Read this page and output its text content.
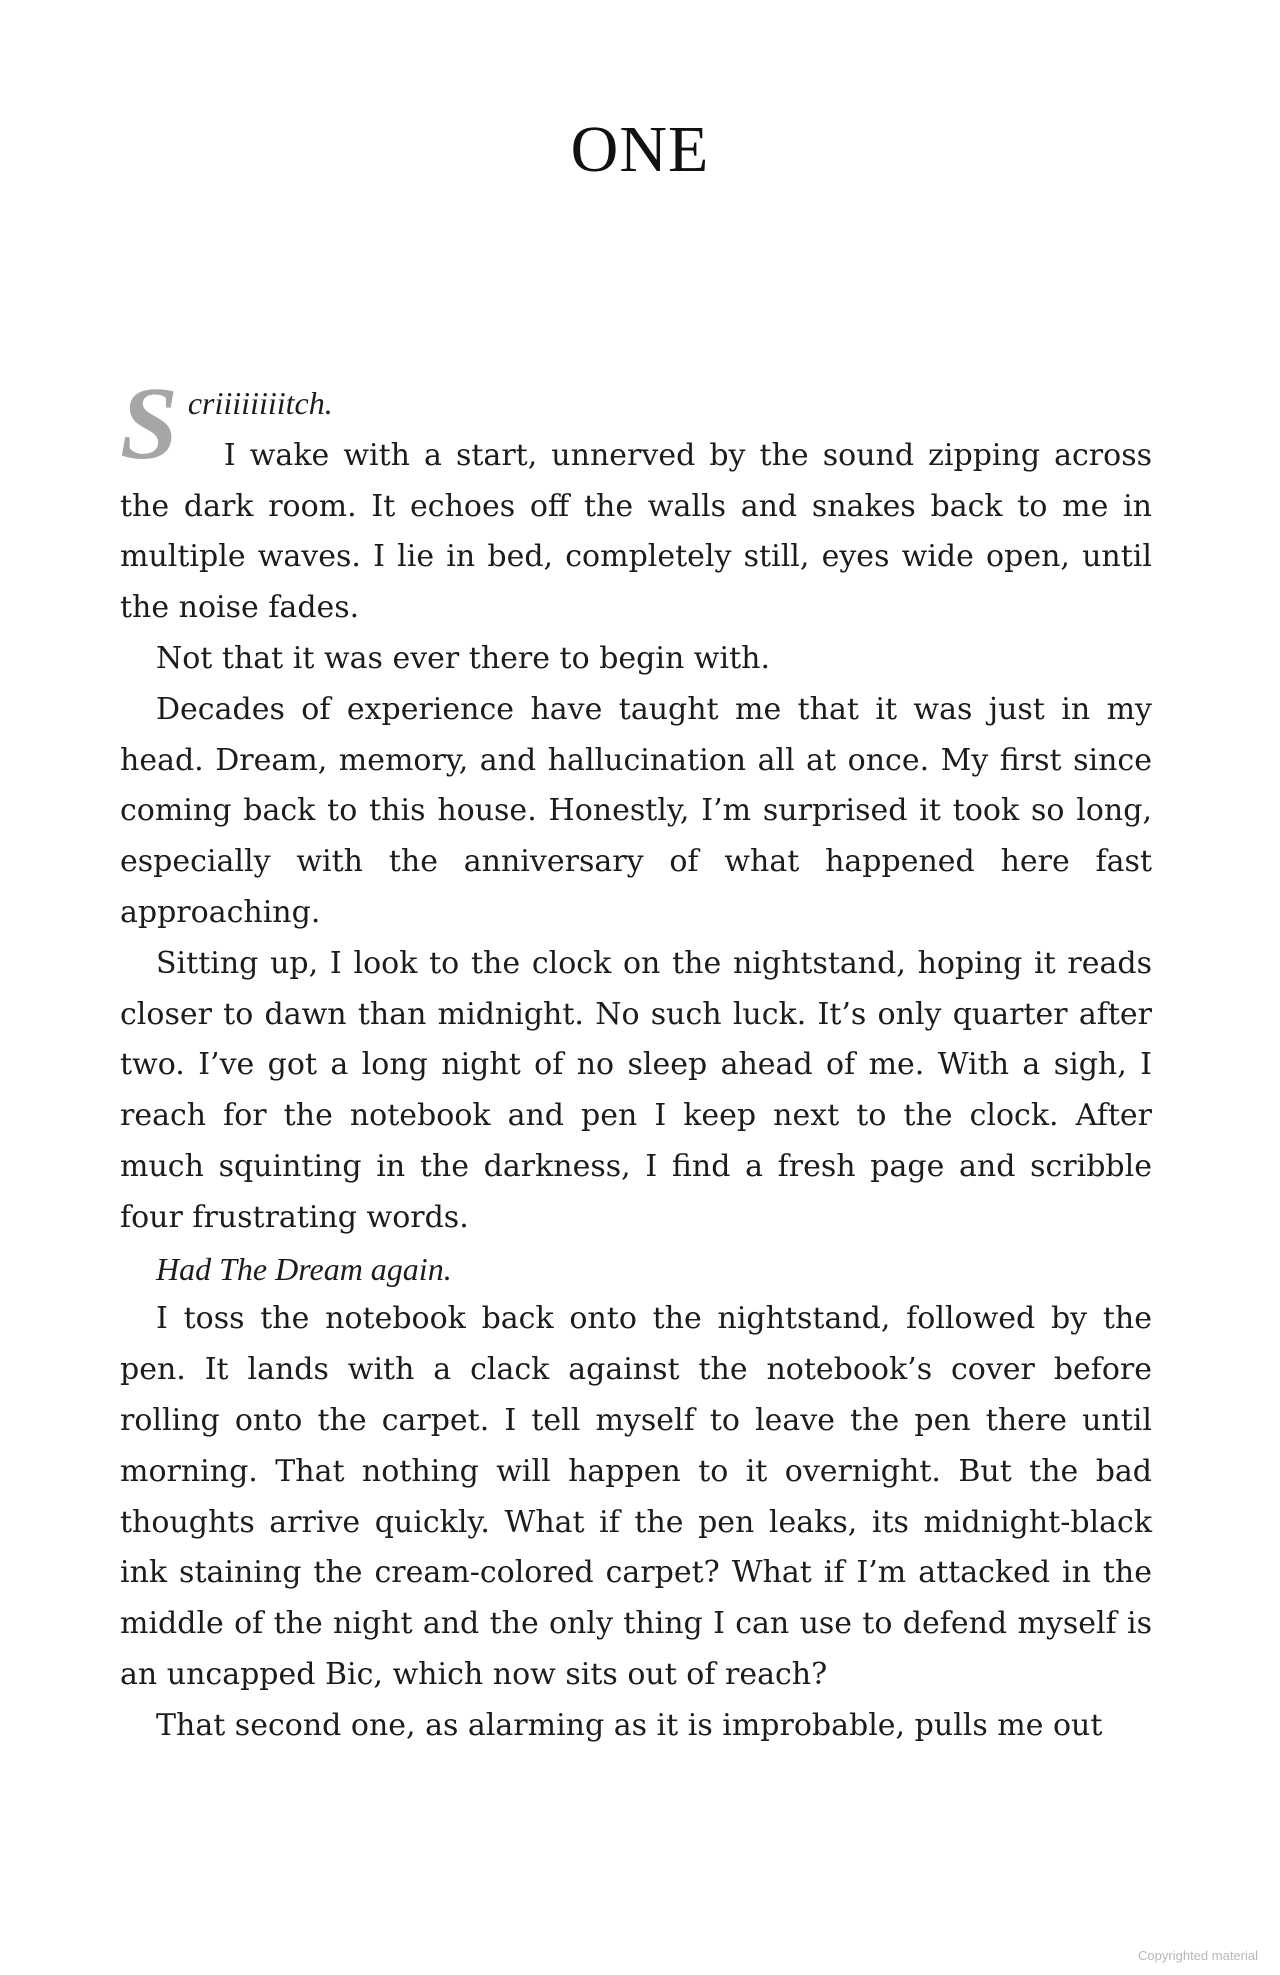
ONE

Scriiiiiiiitch.
I wake with a start, unnerved by the sound zipping across the dark room. It echoes off the walls and snakes back to me in multiple waves. I lie in bed, completely still, eyes wide open, until the noise fades.

Not that it was ever there to begin with.

Decades of experience have taught me that it was just in my head. Dream, memory, and hallucination all at once. My first since coming back to this house. Honestly, I’m surprised it took so long, especially with the anniversary of what happened here fast approaching.

Sitting up, I look to the clock on the nightstand, hoping it reads closer to dawn than midnight. No such luck. It’s only quarter after two. I’ve got a long night of no sleep ahead of me. With a sigh, I reach for the notebook and pen I keep next to the clock. After much squinting in the darkness, I find a fresh page and scribble four frustrating words.

Had The Dream again.

I toss the notebook back onto the nightstand, followed by the pen. It lands with a clack against the notebook’s cover before rolling onto the carpet. I tell myself to leave the pen there until morning. That nothing will happen to it overnight. But the bad thoughts arrive quickly. What if the pen leaks, its midnight-black ink staining the cream-colored carpet? What if I’m attacked in the middle of the night and the only thing I can use to defend myself is an uncapped Bic, which now sits out of reach?

That second one, as alarming as it is improbable, pulls me out

Copyrighted material
